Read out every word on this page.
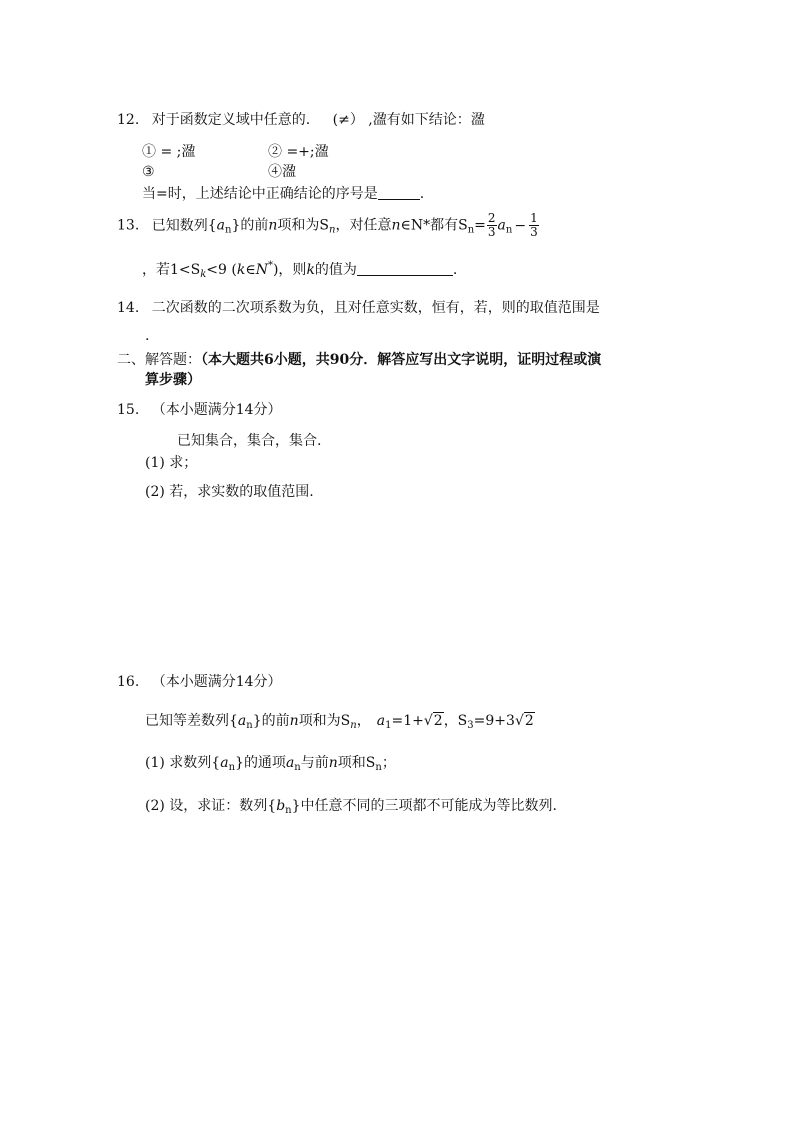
12. 对于函数定义域中任意的. (≠） ,溋有如下结论：溋
① = ;溋	② =+;溋
③	④溋
当=时，上述结论中正确结论的序号是	.
13. 已知数列$\{a_n\}$的前n项和为$S_n$，对任意n∈N*都有$S_n= \frac{2}{3} a_n - \frac{1}{3}$
，若$1<S_k<9$ (k∈N*)，则k的值为	.
14. 二次函数的二次项系数为负，且对任意实数，恒有，若，则的取值范围是
.
二、解答题：（本大题共6小题，共90分．解答应写出文字说明，证明过程或演
算步骤）
15. （本小题满分14分）
已知集合，集合，集合.
(1) 求；
(2) 若，求实数的取值范围.
16. （本小题满分14分）
已知等差数列$\{a_n\}$的前n项和为$S_n$， $a_1=1+√2$，$S_3=9+3√2$
(1) 求数列$\{a_n\}$的通项$a_n$与前n项和$S_n$；
(2) 设，求证：数列$\{b_n\}$中任意不同的三项都不可能成为等比数列.
